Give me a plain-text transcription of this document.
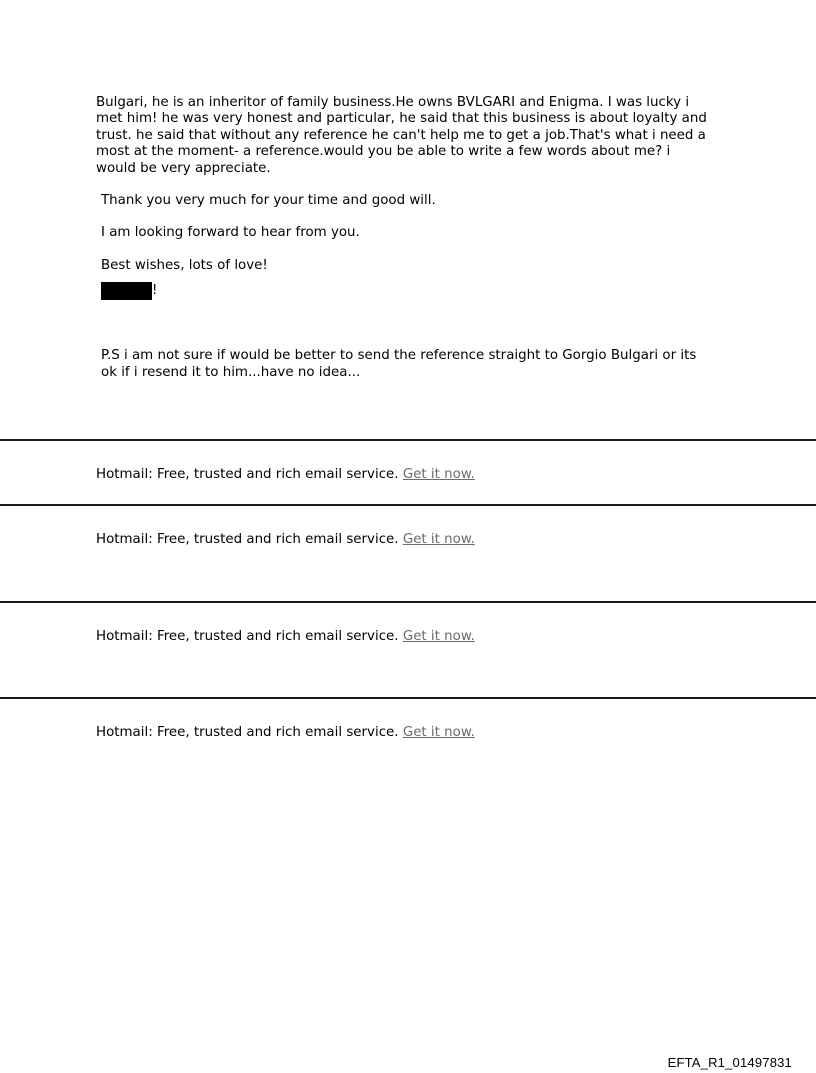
Bulgari, he is an inheritor of family business.He owns BVLGARI and Enigma. I was lucky i
met him! he was very honest and particular, he said that this business is about loyalty and
trust. he said that without any reference he can't help me to get a job.That's what i need a
most at the moment- a reference.would you be able to write a few words about me? i
would be very appreciate.

Thank you very much for your time and good will.

I am looking forward to hear from you.

Best wishes, lots of love!

!

P.S i am not sure if would be better to send the reference straight to Gorgio Bulgari or its
ok if i resend it to him...have no idea...

Hotmail: Free, trusted and rich email service. Get it now.
Hotmail: Free, trusted and rich email service. Get it now.
Hotmail: Free, trusted and rich email service. Get it now.
Hotmail: Free, trusted and rich email service. Get it now.
EFTA_R1_01497831
